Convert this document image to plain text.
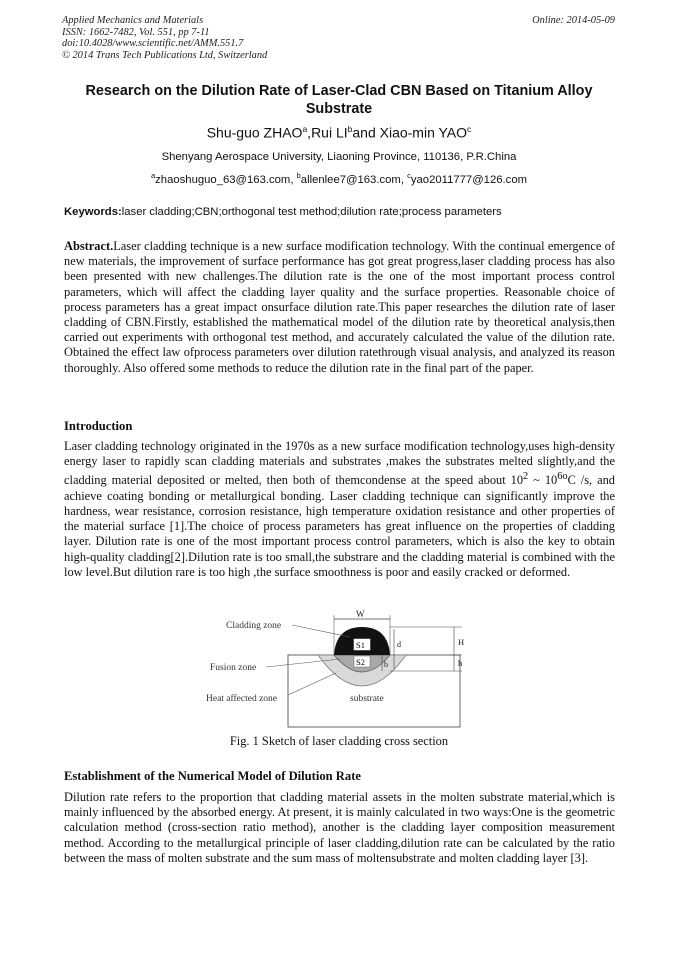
Applied Mechanics and Materials
ISSN: 1662-7482, Vol. 551, pp 7-11
doi:10.4028/www.scientific.net/AMM.551.7
© 2014 Trans Tech Publications Ltd, Switzerland
Online: 2014-05-09
Research on the Dilution Rate of Laser-Clad CBN Based on Titanium Alloy Substrate
Shu-guo ZHAO$^a$,Rui $LI^band$ Xiao-min YAO$^c$
Shenyang Aerospace University, Liaoning Province, 110136, P.R.China
$^a$zhaoshuguo_63@163.com, $^b$allenlee7@163.com, $^c$yao2011777@126.com
Keywords:laser cladding;CBN;orthogonal test method;dilution rate;process parameters

Abstract.Laser cladding technique is a new surface modification technology. With the continual emergence of new materials, the improvement of surface performance has got great progress,laser cladding process has also been presented with new challenges.The dilution rate is the one of the most important process control parameters, which will affect the cladding layer quality and the surface properties. Reasonable choice of process parameters has a great impact onsurface dilution rate.This paper researches the dilution rate of laser cladding of CBN.Firstly, established the mathematical model of the dilution rate by theoretical analysis,then carried out experiments with orthogonal test method, and accurately calculated the value of the dilution rate. Obtained the effect law ofprocess parameters over dilution ratethrough visual analysis, and analyzed its reason thoroughly. Also offered some methods to reduce the dilution rate in the final part of the paper.

Introduction

Laser cladding technology originated in the 1970s as a new surface modification technology,uses high-density energy laser to rapidly scan cladding materials and substrates ,makes the substrates melted slightly,and the cladding material deposited or melted, then both of themcondense at the speed about $10^2$ ~ $10^{6o}C$ /s, and achieve coating bonding or metallurgical bonding. Laser cladding technique can significantly improve the hardness, wear resistance, corrosion resistance, high temperature oxidation resistance and other properties of the material surface [1].The choice of process parameters has great influence on the properties of cladding layer. Dilution rate is one of the most important process control parameters, which is also the key to obtain high-quality cladding[2].Dilution rate is too small,the substrare and the cladding material is combined with the low level.But dilution rare is too high ,the surface smoothness is poor and easily cracked or deformed.

S1
S2
W
b
d	H
h
Cladding zone
Fusion zone
Heat affected zone	substrate
Fig. 1 Sketch of laser cladding cross section

Establishment of the Numerical Model of Dilution Rate

Dilution rate refers to the proportion that cladding material assets in the molten substrate material,which is mainly influenced by the absorbed energy. At present, it is mainly calculated in two ways:One is the geometric calculation method (cross-section ratio method), another is the cladding layer composition measurement method. According to the metallurgical principle of laser cladding,dilution rate can be calculated by the ratio between the mass of molten substrate and the sum mass of moltensubstrate and molten cladding layer [3].
